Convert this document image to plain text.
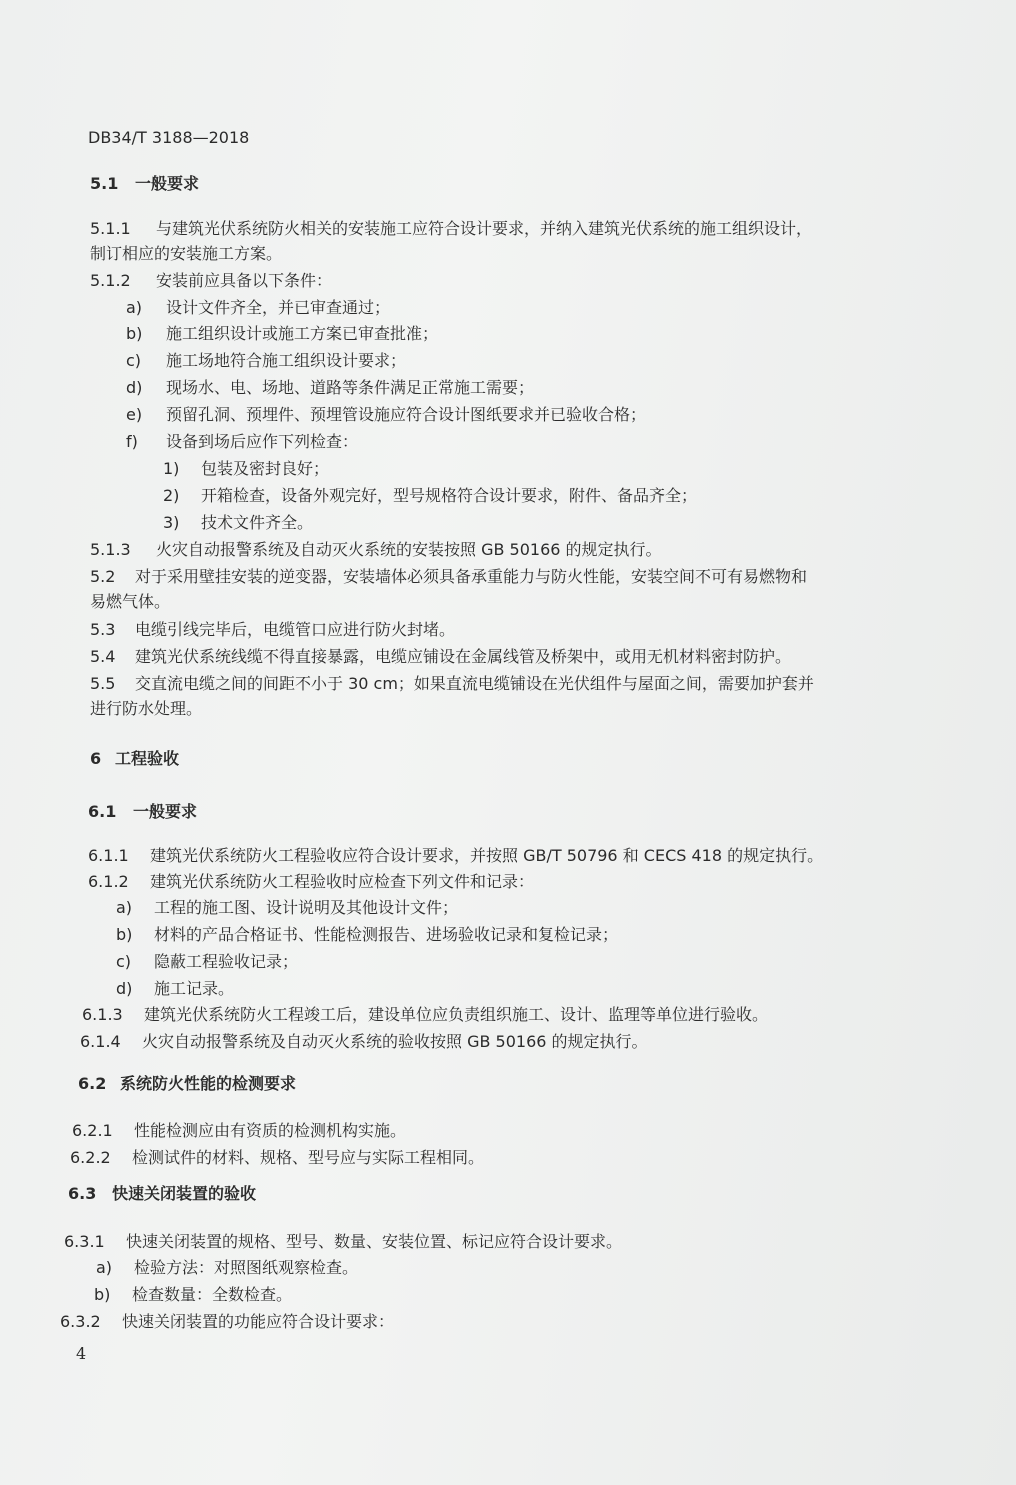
DB34/T 3188—2018
5.1 一般要求
5.1.1 与建筑光伏系统防火相关的安装施工应符合设计要求，并纳入建筑光伏系统的施工组织设计，
制订相应的安装施工方案。
5.1.2 安装前应具备以下条件：
a) 设计文件齐全，并已审查通过；
b) 施工组织设计或施工方案已审查批准；
c) 施工场地符合施工组织设计要求；
d) 现场水、电、场地、道路等条件满足正常施工需要；
e) 预留孔洞、预埋件、预埋管设施应符合设计图纸要求并已验收合格；
f) 设备到场后应作下列检查：
1) 包装及密封良好；
2) 开箱检查，设备外观完好，型号规格符合设计要求，附件、备品齐全；
3) 技术文件齐全。
5.1.3 火灾自动报警系统及自动灭火系统的安装按照 GB 50166 的规定执行。
5.2 对于采用壁挂安装的逆变器，安装墙体必须具备承重能力与防火性能，安装空间不可有易燃物和
易燃气体。
5.3 电缆引线完毕后，电缆管口应进行防火封堵。
5.4 建筑光伏系统线缆不得直接暴露，电缆应铺设在金属线管及桥架中，或用无机材料密封防护。
5.5 交直流电缆之间的间距不小于 30 cm；如果直流电缆铺设在光伏组件与屋面之间，需要加护套并
进行防水处理。
6 工程验收
6.1 一般要求
6.1.1 建筑光伏系统防火工程验收应符合设计要求，并按照 GB/T 50796 和 CECS 418 的规定执行。
6.1.2 建筑光伏系统防火工程验收时应检查下列文件和记录：
a) 工程的施工图、设计说明及其他设计文件；
b) 材料的产品合格证书、性能检测报告、进场验收记录和复检记录；
c) 隐蔽工程验收记录；
d) 施工记录。
6.1.3 建筑光伏系统防火工程竣工后，建设单位应负责组织施工、设计、监理等单位进行验收。
6.1.4 火灾自动报警系统及自动灭火系统的验收按照 GB 50166 的规定执行。
6.2 系统防火性能的检测要求
6.2.1 性能检测应由有资质的检测机构实施。
6.2.2 检测试件的材料、规格、型号应与实际工程相同。
6.3 快速关闭装置的验收
6.3.1 快速关闭装置的规格、型号、数量、安装位置、标记应符合设计要求。
a) 检验方法：对照图纸观察检查。
b) 检查数量：全数检查。
6.3.2 快速关闭装置的功能应符合设计要求：
4
